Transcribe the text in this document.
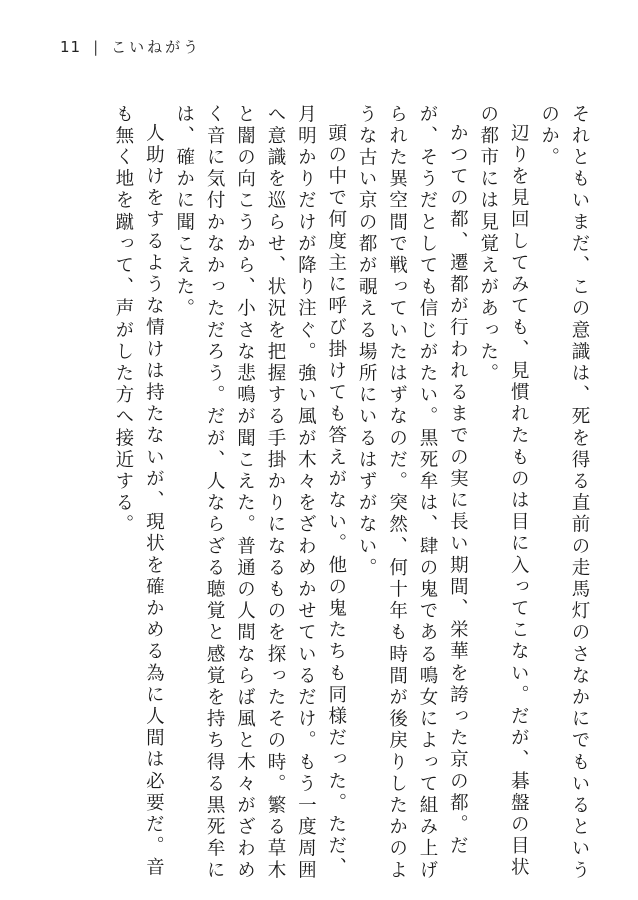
11 | こいねがう

それともいまだ、この意識は、死を得る直前の走馬灯のさなかにでもいるというのか。

辺りを見回してみても、見慣れたものは目に入ってこない。だが、碁盤の目状の都市には見覚えがあった。

かつての都、遷都が行われるまでの実に長い期間、栄華を誇った京の都。だが、そうだとしても信じがたい。黒死牟は、肆の鬼である鳴女によって組み上げられた異空間で戦っていたはずなのだ。突然、何十年も時間が後戻りしたかのような古い京の都が覗える場所にいるはずがない。

頭の中で何度主に呼び掛けても答えがない。他の鬼たちも同様だった。ただ、月明かりだけが降り注ぐ。強い風が木々をざわめかせているだけ。もう一度周囲へ意識を巡らせ、状況を把握する手掛かりになるものを探ったその時。繁る草木と闇の向こうから、小さな悲鳴が聞こえた。普通の人間ならば風と木々がざわめく音に気付かなかっただろう。だが、人ならざる聴覚と感覚を持ち得る黒死牟には、確かに聞こえた。

人助けをするような情けは持たないが、現状を確かめる為に人間は必要だ。音も無く地を蹴って、声がした方へ接近する。
